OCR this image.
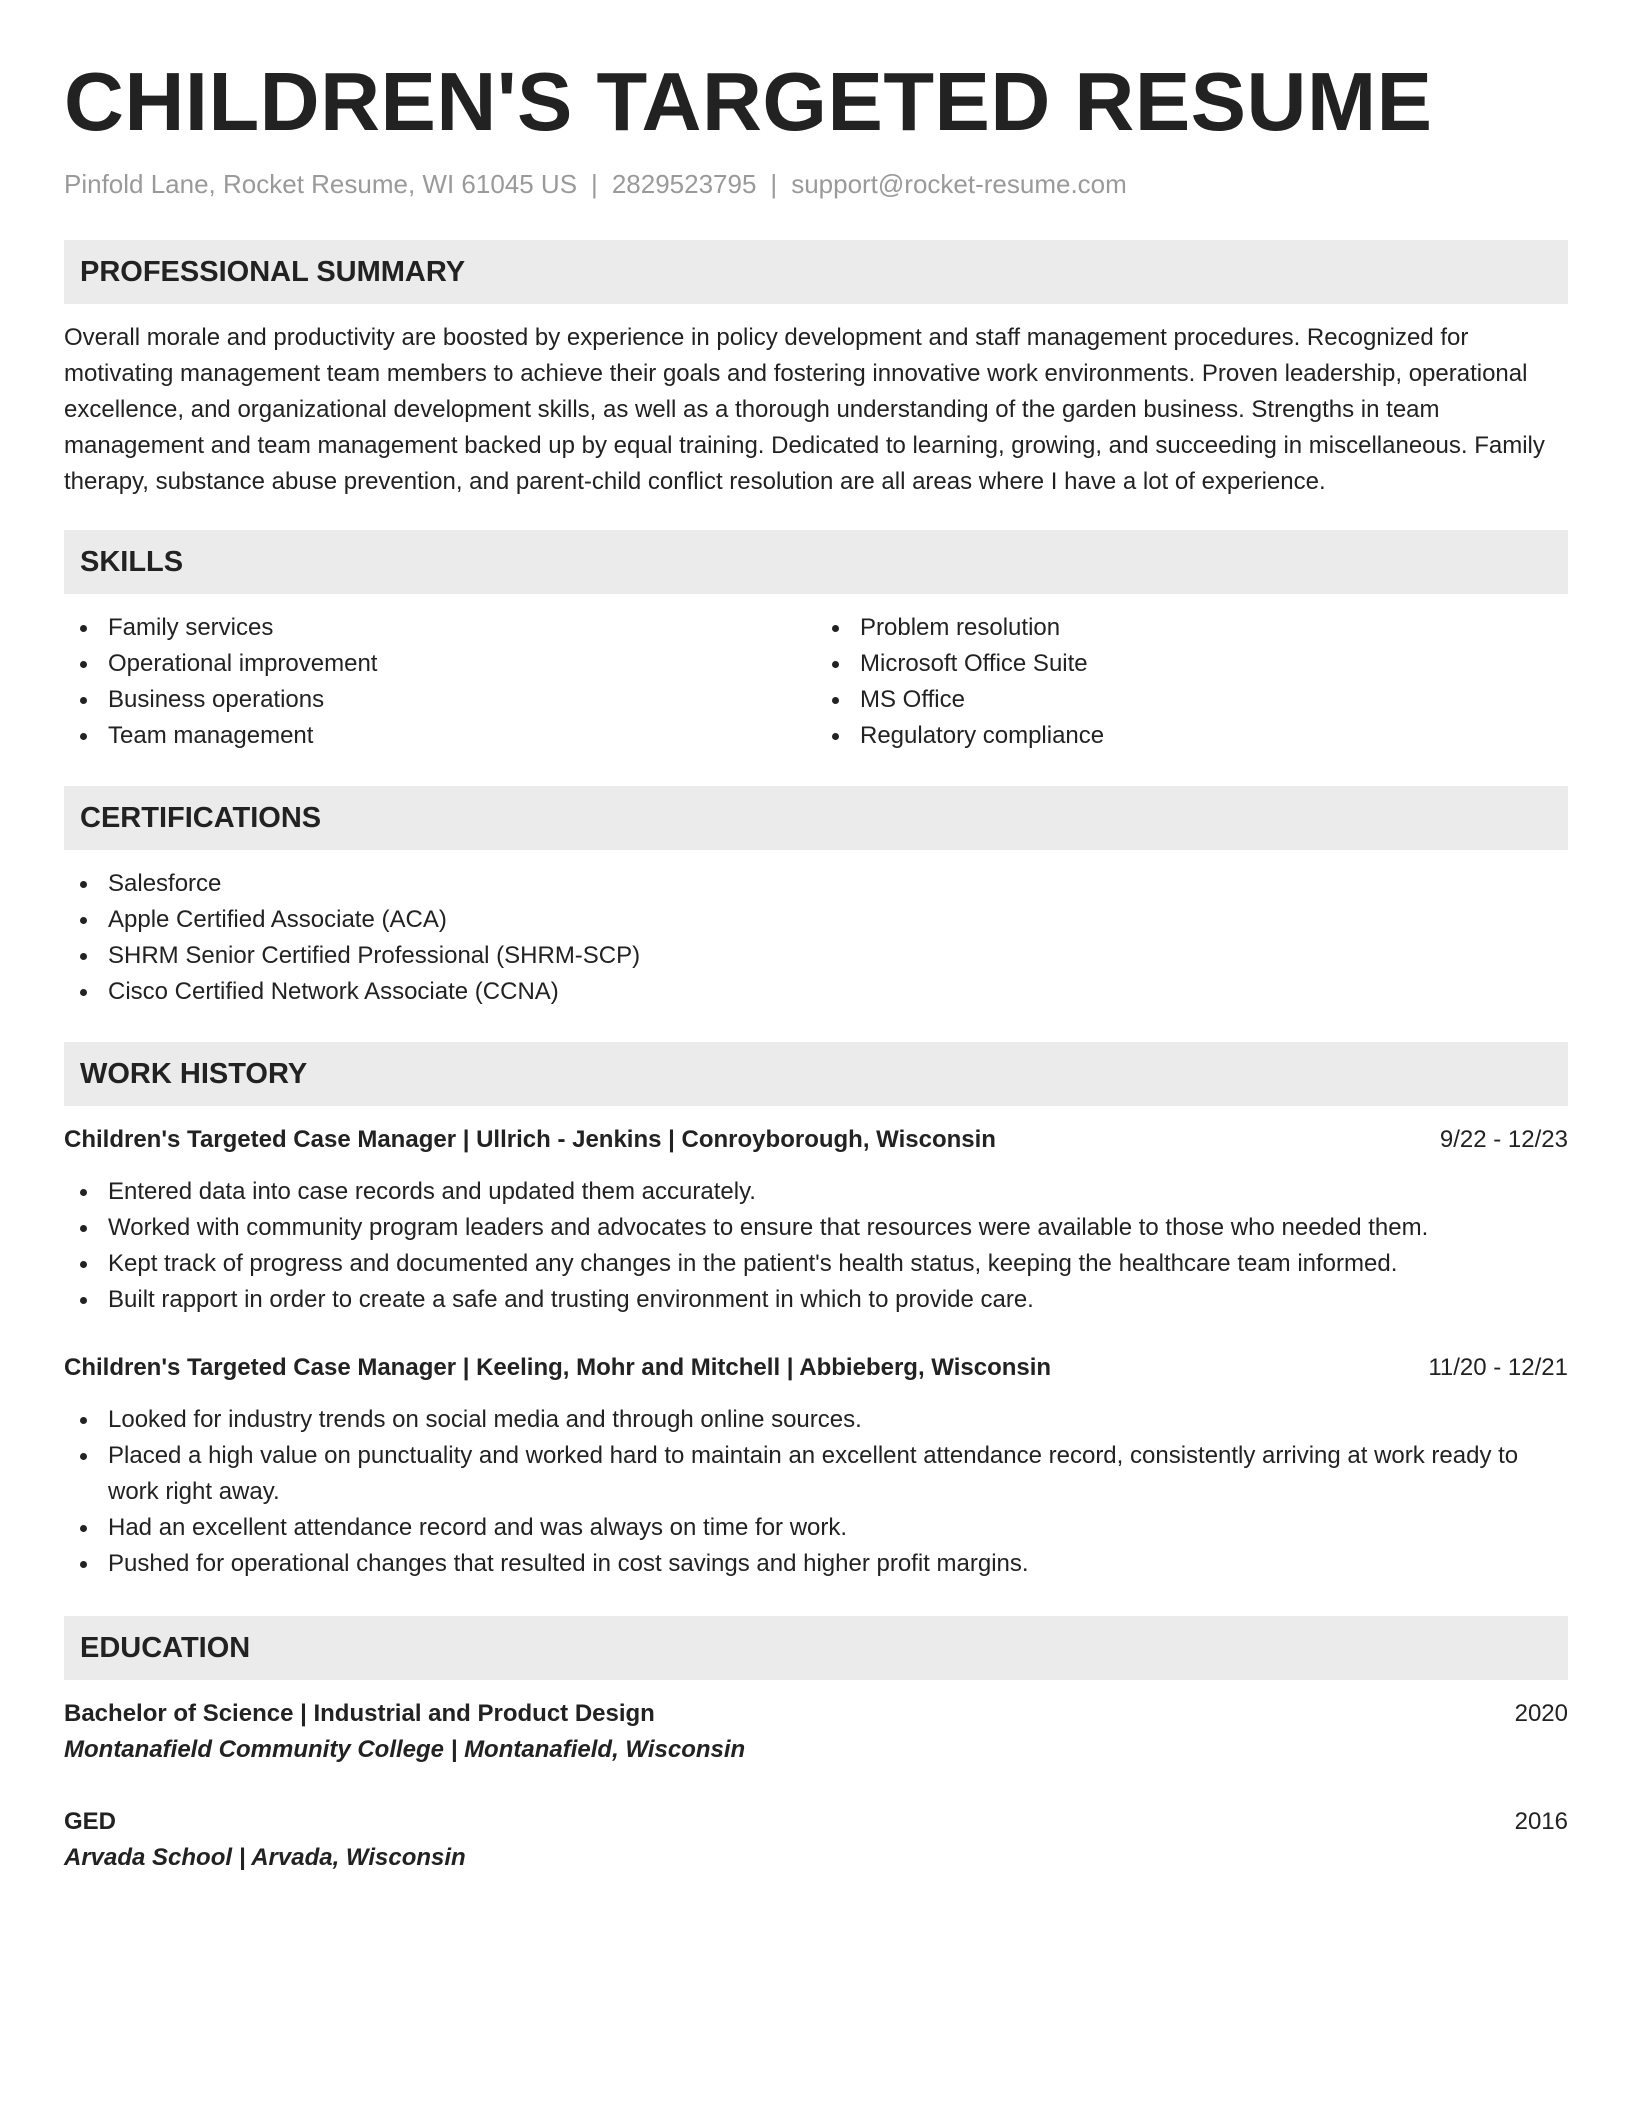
CHILDREN'S TARGETED RESUME
Pinfold Lane, Rocket Resume, WI 61045 US | 2829523795 | support@rocket-resume.com
PROFESSIONAL SUMMARY

Overall morale and productivity are boosted by experience in policy development and staff management procedures. Recognized for motivating management team members to achieve their goals and fostering innovative work environments. Proven leadership, operational excellence, and organizational development skills, as well as a thorough understanding of the garden business. Strengths in team management and team management backed up by equal training. Dedicated to learning, growing, and succeeding in miscellaneous. Family therapy, substance abuse prevention, and parent-child conflict resolution are all areas where I have a lot of experience.

SKILLS
Family services
Operational improvement
Business operations
Team management
Problem resolution
Microsoft Office Suite
MS Office
Regulatory compliance
CERTIFICATIONS
Salesforce
Apple Certified Associate (ACA)
SHRM Senior Certified Professional (SHRM-SCP)
Cisco Certified Network Associate (CCNA)
WORK HISTORY
Children's Targeted Case Manager | Ullrich - Jenkins | Conroyborough, Wisconsin	9/22 - 12/23
Entered data into case records and updated them accurately.
Worked with community program leaders and advocates to ensure that resources were available to those who needed them.
Kept track of progress and documented any changes in the patient's health status, keeping the healthcare team informed.
Built rapport in order to create a safe and trusting environment in which to provide care.
Children's Targeted Case Manager | Keeling, Mohr and Mitchell | Abbieberg, Wisconsin	11/20 - 12/21
Looked for industry trends on social media and through online sources.
Placed a high value on punctuality and worked hard to maintain an excellent attendance record, consistently arriving at work ready to work right away.
Had an excellent attendance record and was always on time for work.
Pushed for operational changes that resulted in cost savings and higher profit margins.
EDUCATION
Bachelor of Science | Industrial and Product Design	2020
Montanafield Community College | Montanafield, Wisconsin
GED	2016
Arvada School | Arvada, Wisconsin
